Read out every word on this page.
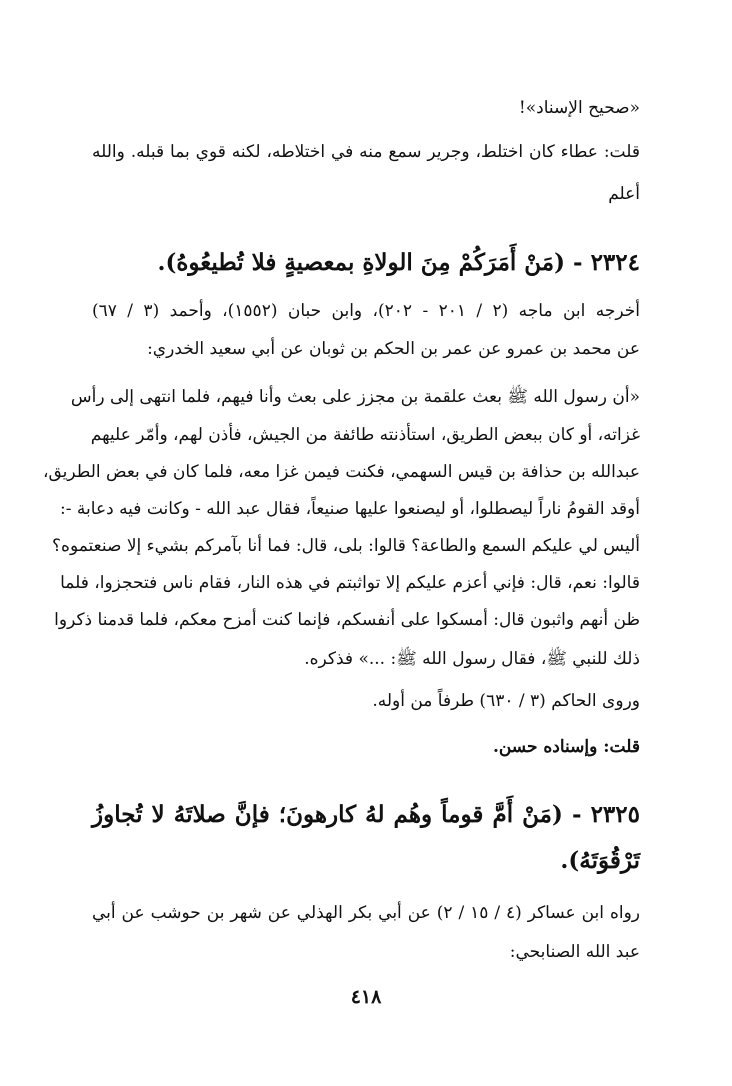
«صحيح الإسناد»!
قلت: عطاء كان اختلط، وجرير سمع منه في اختلاطه، لكنه قوي بما قبله. والله
أعلم
٢٣٢٤ - (مَنْ أَمَرَكُمْ مِنَ الولاةِ بمعصيةٍ فلا تُطيعُوهُ).
أخرجه ابن ماجه (٢ / ٢٠١ - ٢٠٢)، وابن حبان (١٥٥٢)، وأحمد (٣ / ٦٧)
عن محمد بن عمرو عن عمر بن الحكم بن ثوبان عن أبي سعيد الخدري:
«أن رسول الله ﷺ بعث علقمة بن مجزز على بعث وأنا فيهم، فلما انتهى إلى رأس
غزاته، أو كان ببعض الطريق، استأذنته طائفة من الجيش، فأذن لهم، وأمّر عليهم
عبدالله بن حذافة بن قيس السهمي، فكنت فيمن غزا معه، فلما كان في بعض الطريق،
أوقد القومُ ناراً ليصطلوا، أو ليصنعوا عليها صنيعاً، فقال عبد الله - وكانت فيه دعابة -:
أليس لي عليكم السمع والطاعة؟ قالوا: بلى، قال: فما أنا بآمركم بشيء إلا صنعتموه؟
قالوا: نعم، قال: فإني أعزم عليكم إلا تواثبتم في هذه النار، فقام ناس فتحجزوا، فلما
ظن أنهم واثبون قال: أمسكوا على أنفسكم، فإنما كنت أمزح معكم، فلما قدمنا ذكروا
ذلك للنبي ﷺ، فقال رسول الله ﷺ: ...» فذكره.
وروى الحاكم (٣ / ٦٣٠) طرفاً من أوله.
قلت: وإسناده حسن.
٢٣٢٥ - (مَنْ أَمَّ قوماً وهُم لهُ كارهونَ؛ فإنَّ صلاتَهُ لا تُجاوزُ
تَرْقُوَتَهُ).
رواه ابن عساكر (٤ / ١٥ / ٢) عن أبي بكر الهذلي عن شهر بن حوشب عن أبي
عبد الله الصنابحي:
٤١٨
